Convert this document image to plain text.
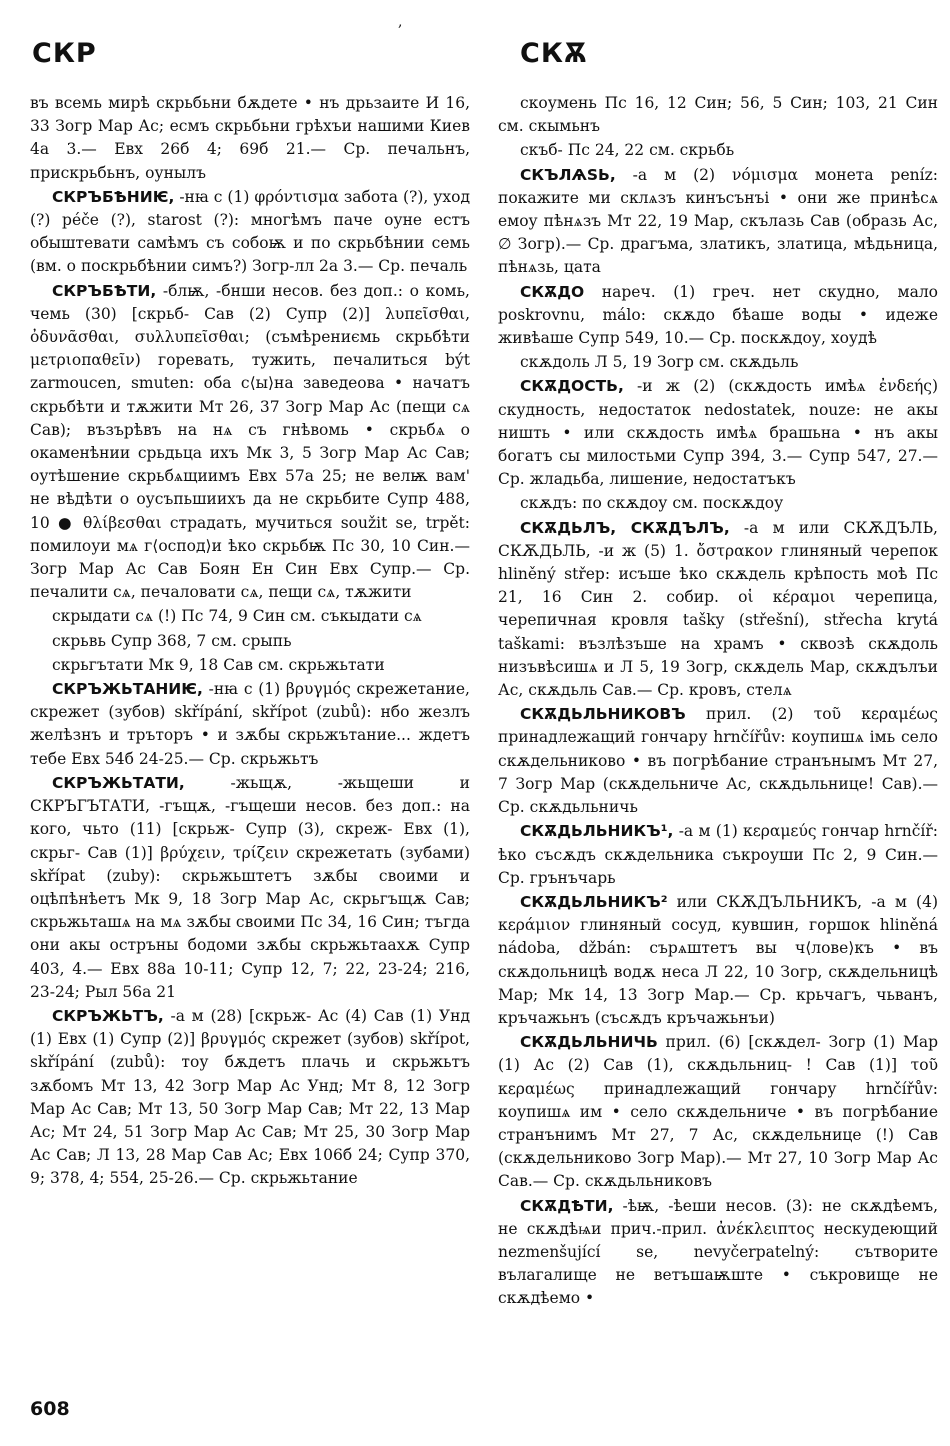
,
СКР	СКѪ
въ всемь мирѣ скрьбьни бѫдете • нъ дрьзаите И 16, 33 Зогр Мар Ас; есмъ скрьбьни грѣхъи нашими Киев 4а 3.— Евх 26б 4; 69б 21.— Ср. печальнъ, прискрьбьнъ, оунылъ
СКРЪБѢНИѤ, -нꙗ с (1) φρόντισμα забота (?), уход (?) péče (?), starost (?): многѣмъ паче оуне естъ обыштевати самѣмъ съ собоѭ и по скрьбѣнии семь (вм. о поскрьбѣнии симъ?) Зогр-лл 2а 3.— Ср. печаль
СКРЪБѢТИ, -блѭ, -бнши несов. без доп.: о комь, чемь (30) [скрьб- Сав (2) Супр (2)] λυπεῖσθαι, ὀδυνᾶσθαι, συλλυπεῖσθαι; (съмѣрениємь скрьбѣти μετριοπαθεῖν) горевать, тужить, печалиться být zarmoucen, smuten: оба с⟨ы⟩на заведеова • начатъ скрьбѣти и тѫжити Мт 26, 37 Зогр Мар Ас (пещи сѧ Сав); възърѣвъ на нѧ съ гнѣвомь • скрьбѧ о окаменѣнии срьдьца ихъ Мк 3, 5 Зогр Мар Ас Сав; оутѣшение скрьбѧщиимъ Евх 57а 25; не велѭ вам' не вѣдѣти о оусъпьшиихъ да не скрьбите Супр 488, 10 ● θλίβεσθαι страдать, мучиться soužit se, trpět: помилоуи мѧ г⟨оспод⟩и ѣко скрьбѭ Пс 30, 10 Син.— Зогр Мар Ас Сав Боян Ен Син Евх Супр.— Ср. печалити сѧ, печаловати сѧ, пещи сѧ, тѫжити
скрыдати сѧ (!) Пс 74, 9 Син см. съкыдати сѧ
скрьвь Супр 368, 7 см. срыпь
скрьгътати Мк 9, 18 Сав см. скрьжьтати
СКРЪЖЬТАНИѤ, -нꙗ с (1) βρυγμός скрежетание, скрежет (зубов) skřípání, skřípot (zubů): нбо жезлъ желѣзнъ и тръторъ • и зѫбы скрьжътание... ждетъ тебе Евх 54б 24-25.— Ср. скрьжьтъ
СКРЪЖЬТАТИ,	-жьщѫ, -жьщеши и СКРЪГЪТАТИ, -гъщѫ, -гъщеши несов. без доп.: на кого, чьто (11) [скрьж- Супр (3), скреж- Евх (1), скрьг- Сав (1)] βρύχειν, τρίζειν скрежетать (зубами) skřípat (zuby): скрьжьштетъ зѫбы своими и оцѣпѣнѣетъ Мк 9, 18 Зогр Мар Ас, скрьгъщѫ Сав; скрьжьташѧ на мѧ зѫбы своими Пс 34, 16 Син; тъгда они акы остръны бодоми зѫбы скрьжьтаахѫ Супр 403, 4.— Евх 88а 10-11; Супр 12, 7; 22, 23-24; 216, 23-24; Рыл 56а 21
СКРЪЖЬТЪ, -а м (28) [скрьж- Ас (4) Сав (1) Унд (1) Евх (1) Супр (2)] βρυγμός скрежет (зубов) skřípot, skřípání (zubů): тоу бѫдетъ плачь и скрьжьтъ зѫбомъ Мт 13, 42 Зогр Мар Ас Унд; Мт 8, 12 Зогр Мар Ас Сав; Мт 13, 50 Зогр Мар Сав; Мт 22, 13 Мар Ас; Мт 24, 51 Зогр Мар Ас Сав; Мт 25, 30 Зогр Мар Ас Сав; Л 13, 28 Мар Сав Ас; Евх 106б 24; Супр 370, 9; 378, 4; 554, 25-26.— Ср. скрьжьтание
скоумень Пс 16, 12 Син; 56, 5 Син; 103, 21 Син см. скымьнъ
скъб- Пс 24, 22 см. скрьбь
СКЪЛѦЅЬ, -а м (2) νόμισμα монета peníz: покажите ми склѧзъ кинъсънъі • они же принѣсѧ емоу пѣнѧзъ Мт 22, 19 Мар, скълазь Сав (образь Ас, ∅ Зогр).— Ср. драгъма, златикъ, златица, мѣдьница, пѣнѧзь, цата
СКѪДО нареч. (1) греч. нет скудно, мало poskrovnu, málo: скѫдо бѣаше воды • идеже живѣаше Супр 549, 10.— Ср. поскѫдоу, хоудѣ
скѫдоль Л 5, 19 Зогр см. скѫдьль
СКѪДОСТЬ, -и ж (2) (скѫдость имѣѧ ἐνδεής) скудность, недостаток nedostatek, nouze: не акы ништь • или скѫдость имѣѧ брашьна • нъ акы богатъ сы милостьми Супр 394, 3.— Супр 547, 27.— Ср. жладьба, лишение, недостатъкъ
скѫдъ: по скѫдоу см. поскѫдоу
СКѪДЬЛЪ, СКѪДЪЛЪ, -а м или СКѪДЪЛЬ, СКѪДЬЛЬ, -и ж (5) 1. ὄστρακον глиняный черепок hliněný střep: исъше ѣко скѫдель крѣпость моѣ Пс 21, 16 Син 2. собир. οἱ κέραμοι черепица, черепичная кровля tašky (střešní), střecha krytá taškami: възлѣзъше на храмъ • сквозѣ скѫдоль низъвѣсишѧ и Л 5, 19 Зогр, скѫдель Мар, скѫдълъи Ас, скѫдьль Сав.— Ср. кровъ, стелѧ
СКѪДЬЛЬНИКОВЪ прил. (2) τοῦ κεραμέως принадлежащий гончару hrnčířův: коупишѧ імь село скѫдельниково • въ погрѣбание странънымъ Мт 27, 7 Зогр Мар (скѫдельниче Ас, скѫдьльнице! Сав).— Ср. скѫдьльничь
СКѪДЬЛЬНИКЪ¹, -а м (1) κεραμεύς гончар hrnčíř: ѣко съсѫдъ скѫдельника съкроуши Пс 2, 9 Син.— Ср. грънъчарь
СКѪДЬЛЬНИКЪ² или СКѪДЪЛЬНИКЪ, -а м (4) κεράμιον глиняный сосуд, кувшин, горшок hliněná nádoba, džbán: сърѧштетъ вы ч⟨лове⟩къ • въ скѫдольницѣ водѫ неса Л 22, 10 Зогр, скѫдельницѣ Мар; Мк 14, 13 Зогр Мар.— Ср. крьчагъ, чьванъ, кръчажьнъ (съсѫдъ кръчажьнъи)
СКѪДЬЛЬНИЧЬ прил. (6) [скѫдел- Зогр (1) Мар (1) Ас (2) Сав (1), скѫдьльниц- ! Сав (1)] τοῦ κεραμέως принадлежащий гончару hrnčířův: коупишѧ им • село скѫдельниче • въ погрѣбание странънимъ Мт 27, 7 Ас, скѫдельнице (!) Сав (скѫдельниково Зогр Мар).— Мт 27, 10 Зогр Мар Ас Сав.— Ср. скѫдьльниковъ
СКѪДѢТИ, -ѣѭ, -ѣеши несов. (3): не скѫдѣемъ, не скѫдѣѩи прич.-прил. ἀνέκλειπτος нескудеющий nezmenšující se, nevyčerpatelný: сътворите вълагалище не ветъшаѭште • съкровище не скѫдѣемо •
608
